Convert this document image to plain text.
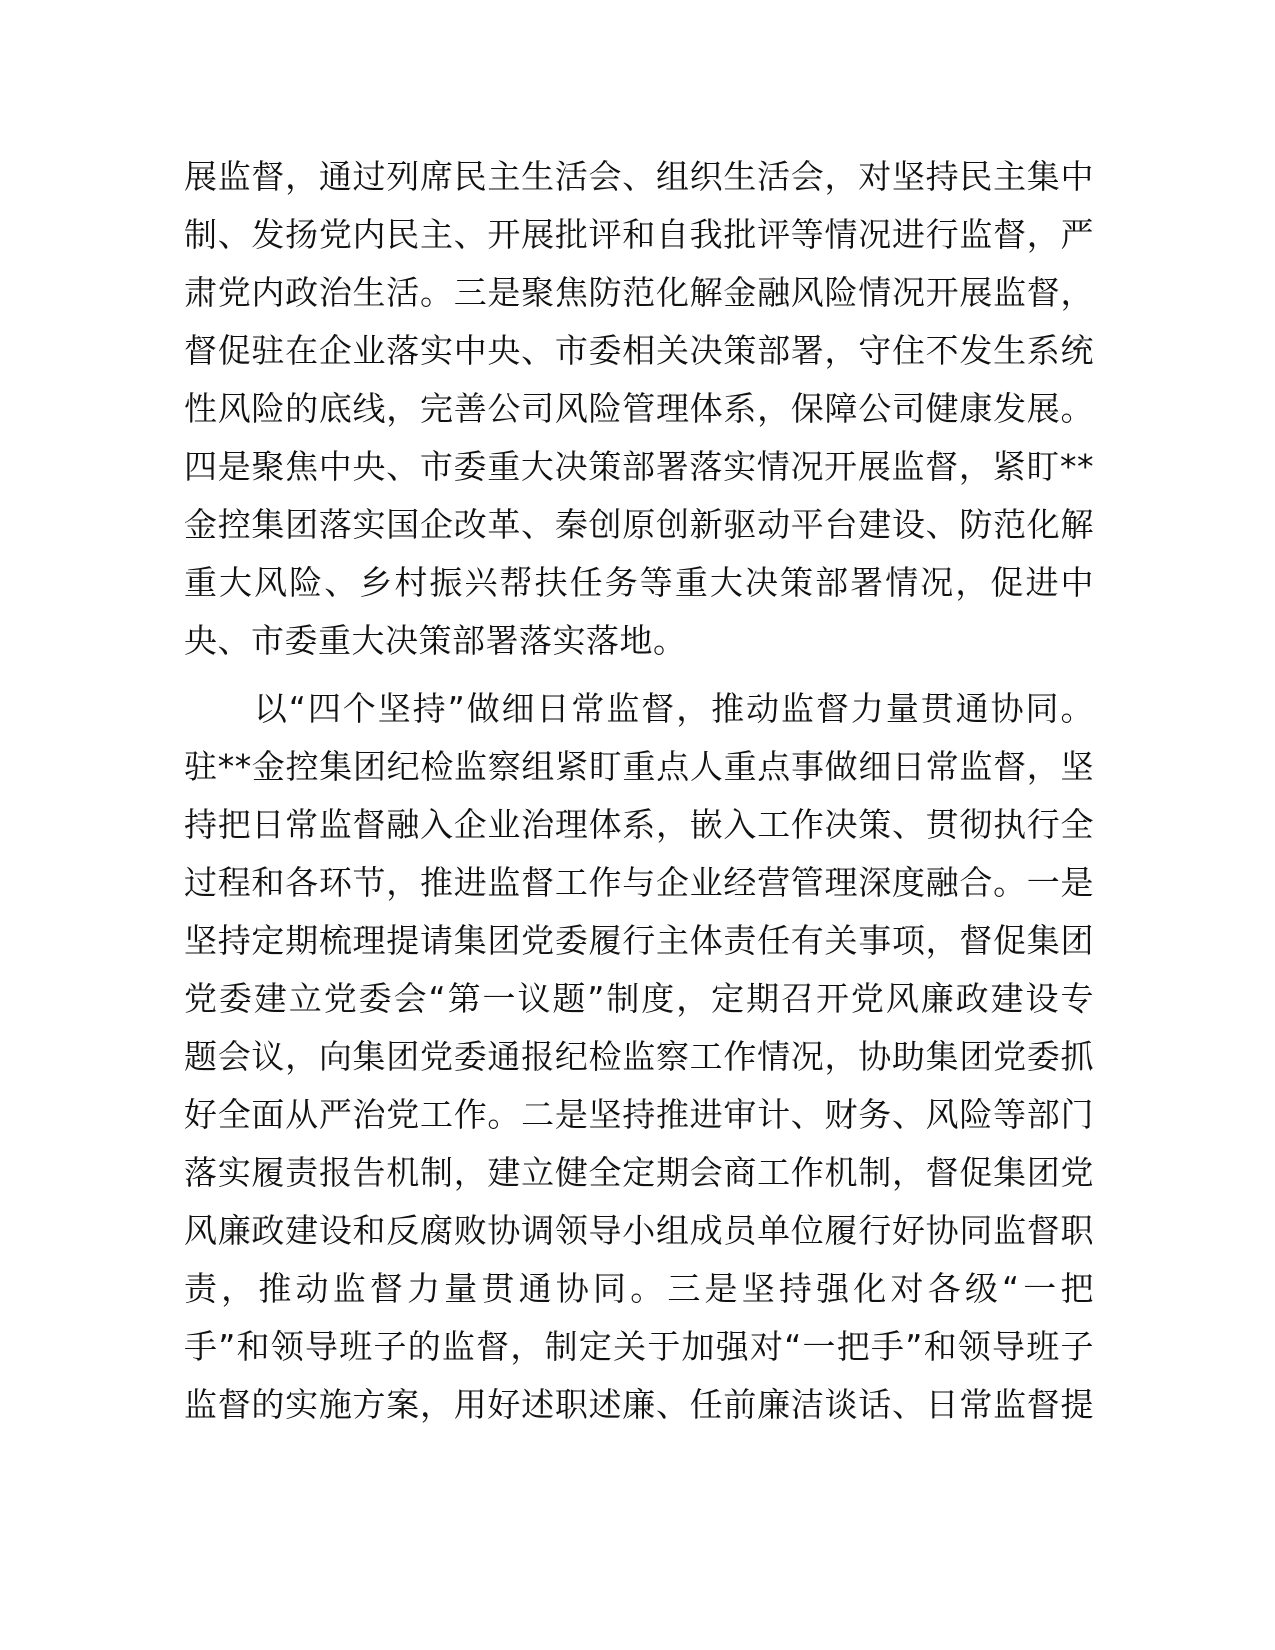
展监督，通过列席民主生活会、组织生活会，对坚持民主集中
制、发扬党内民主、开展批评和自我批评等情况进行监督，严
肃党内政治生活。三是聚焦防范化解金融风险情况开展监督，
督促驻在企业落实中央、市委相关决策部署，守住不发生系统
性风险的底线，完善公司风险管理体系，保障公司健康发展。
四是聚焦中央、市委重大决策部署落实情况开展监督，紧盯**
金控集团落实国企改革、秦创原创新驱动平台建设、防范化解
重大风险、乡村振兴帮扶任务等重大决策部署情况，促进中
央、市委重大决策部署落实落地。
　　以“四个坚持”做细日常监督，推动监督力量贯通协同。
驻**金控集团纪检监察组紧盯重点人重点事做细日常监督，坚
持把日常监督融入企业治理体系，嵌入工作决策、贯彻执行全
过程和各环节，推进监督工作与企业经营管理深度融合。一是
坚持定期梳理提请集团党委履行主体责任有关事项，督促集团
党委建立党委会“第一议题”制度，定期召开党风廉政建设专
题会议，向集团党委通报纪检监察工作情况，协助集团党委抓
好全面从严治党工作。二是坚持推进审计、财务、风险等部门
落实履责报告机制，建立健全定期会商工作机制，督促集团党
风廉政建设和反腐败协调领导小组成员单位履行好协同监督职
责，推动监督力量贯通协同。三是坚持强化对各级“一把
手”和领导班子的监督，制定关于加强对“一把手”和领导班子
监督的实施方案，用好述职述廉、任前廉洁谈话、日常监督提
